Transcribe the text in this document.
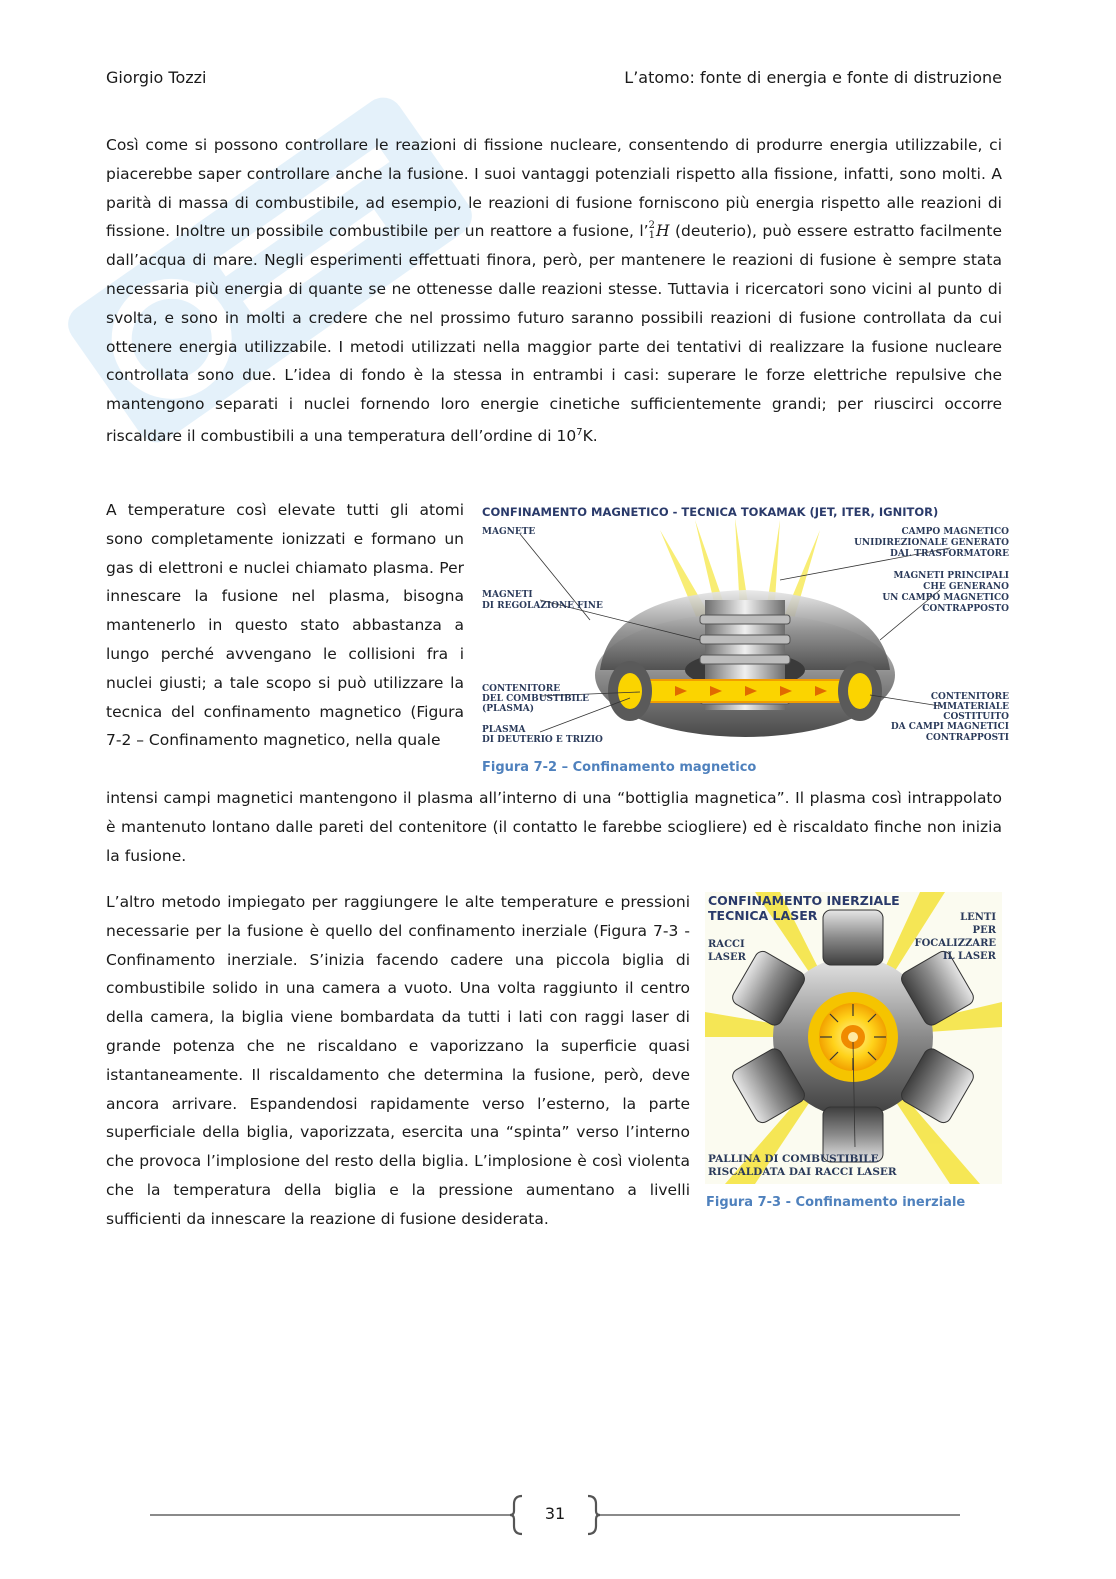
Giorgio Tozzi	L’atomo: fonte di energia e fonte di distruzione

Così come si possono controllare le reazioni di fissione nucleare, consentendo di produrre energia utilizzabile, ci piacerebbe saper controllare anche la fusione. I suoi vantaggi potenziali rispetto alla fissione, infatti, sono molti. A parità di massa di combustibile, ad esempio, le reazioni di fusione forniscono più energia rispetto alle reazioni di fissione. Inoltre un possibile combustibile per un reattore a fusione, l’2
1H (deuterio), può essere estratto facilmente dall’acqua di mare. Negli esperimenti effettuati finora, però, per mantenere le reazioni di fusione è sempre stata necessaria più energia di quante se ne ottenesse dalle reazioni stesse. Tuttavia i ricercatori sono vicini al punto di svolta, e sono in molti a credere che nel prossimo futuro saranno possibili reazioni di fusione controllata da cui ottenere energia utilizzabile. I metodi utilizzati nella maggior parte dei tentativi di realizzare la fusione nucleare controllata sono due. L’idea di fondo è la stessa in entrambi i casi: superare le forze elettriche repulsive che mantengono separati i nuclei fornendo loro energie cinetiche sufficientemente grandi; per riuscirci occorre riscaldare il combustibili a una temperatura dell’ordine di $10^7K$.

A temperature così elevate tutti gli atomi sono completamente ionizzati e formano un gas di elettroni e nuclei chiamato plasma. Per innescare la fusione nel plasma, bisogna mantenerlo in questo stato abbastanza a lungo perché avvengano le collisioni fra i nuclei giusti; a tale scopo si può utilizzare la tecnica del confinamento magnetico (Figura 7-2 – Confinamento magnetico, nella quale

CONFINAMENTO MAGNETICO - TECNICA TOKAMAK (JET, ITER, IGNITOR)
MAGNETE
MAGNETI
DI REGOLAZIONE FINE
CONTENITORE
DEL COMBUSTIBILE
(PLASMA)
PLASMA
DI DEUTERIO E TRIZIO
CAMPO MAGNETICO
UNIDIREZIONALE GENERATO
DAL TRASFORMATORE
MAGNETI PRINCIPALI
CHE GENERANO
UN CAMPO MAGNETICO
CONTRAPPOSTO
CONTENITORE
IMMATERIALE
COSTITUITO
DA CAMPI MAGNETICI
CONTRAPPOSTI
Figura 7-2 – Confinamento magnetico

intensi campi magnetici mantengono il plasma all’interno di una “bottiglia magnetica”. Il plasma così intrappolato è mantenuto lontano dalle pareti del contenitore (il contatto le farebbe sciogliere) ed è riscaldato finche non inizia la fusione.

L’altro metodo impiegato per raggiungere le alte temperature e pressioni necessarie per la fusione è quello del confinamento inerziale (Figura 7-3 - Confinamento inerziale. S’inizia facendo cadere una piccola biglia di combustibile solido in una camera a vuoto. Una volta raggiunto il centro della camera, la biglia viene bombardata da tutti i lati con raggi laser di grande potenza che ne riscaldano e vaporizzano la superficie quasi istantaneamente. Il riscaldamento che determina la fusione, però, deve ancora arrivare. Espandendosi rapidamente verso l’esterno, la parte superficiale della biglia, vaporizzata, esercita una “spinta” verso l’interno che provoca l’implosione del resto della biglia. L’implosione è così violenta che la temperatura della biglia e la pressione aumentano a livelli sufficienti da innescare la reazione di fusione desiderata.

CONFINAMENTO INERZIALE
TECNICA LASER
RACCI
LASER
LENTI
PER
FOCALIZZARE
IL LASER
PALLINA DI COMBUSTIBILE
RISCALDATA DAI RACCI LASER
Figura 7-3 - Confinamento inerziale
31
